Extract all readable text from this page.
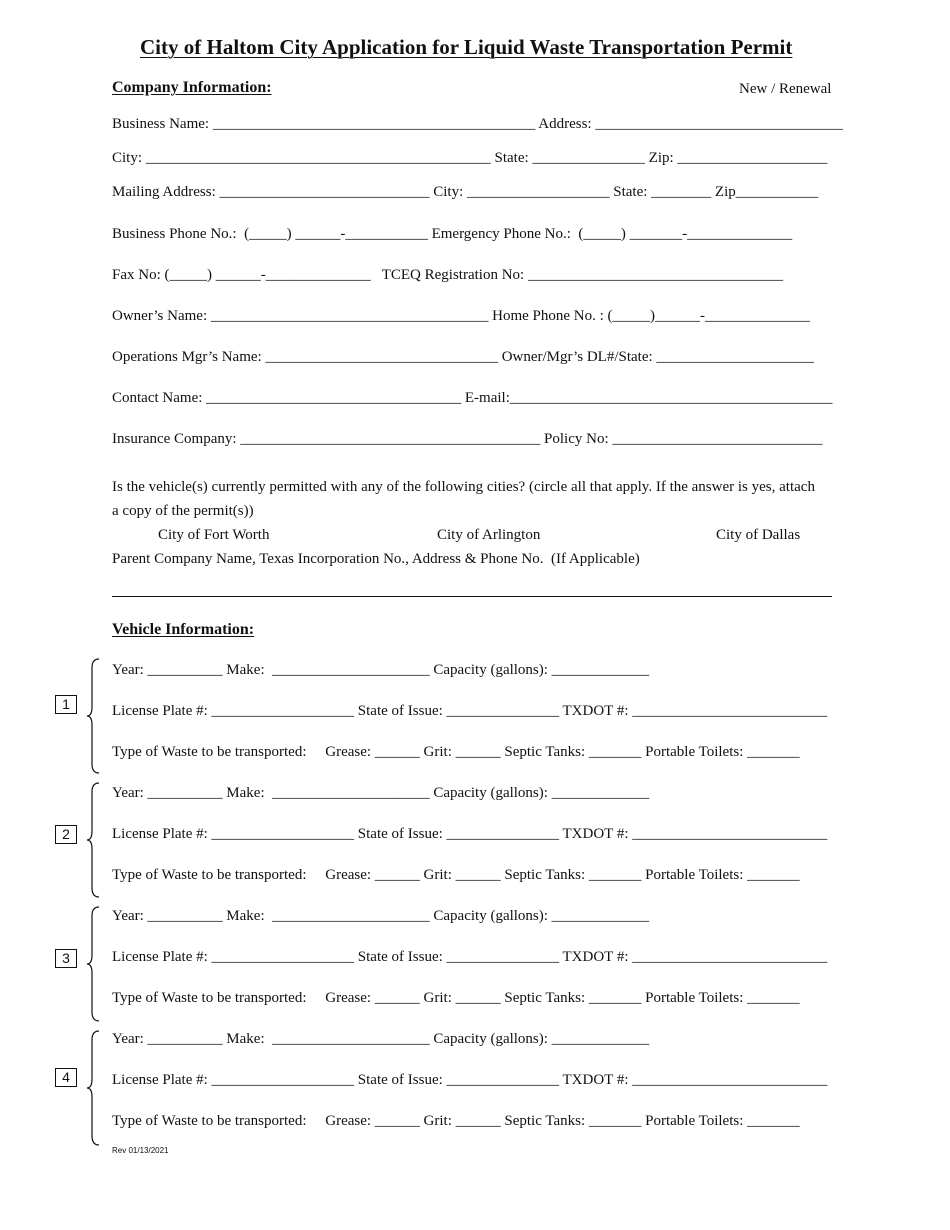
City of Haltom City Application for Liquid Waste Transportation Permit
Company Information:	New / Renewal
Business Name: ___________________________________________ Address: _________________________________
City: ______________________________________________ State: _______________ Zip: ____________________
Mailing Address: ____________________________ City: ___________________ State: ________ Zip___________
Business Phone No.:  (_____) ______-___________ Emergency Phone No.:  (_____) _______-______________
Fax No: (_____) ______-______________   TCEQ Registration No: __________________________________
Owner’s Name: _____________________________________ Home Phone No. : (_____)______-______________
Operations Mgr’s Name: _______________________________ Owner/Mgr’s DL#/State: _____________________
Contact Name: __________________________________ E-mail:___________________________________________
Insurance Company: ________________________________________ Policy No: ____________________________
Is the vehicle(s) currently permitted with any of the following cities? (circle all that apply. If the answer is yes, attach
a copy of the permit(s))
City of Fort Worth	City of Arlington	City of Dallas
Parent Company Name, Texas Incorporation No., Address & Phone No.  (If Applicable)
Vehicle Information:
1
Year: __________ Make:  _____________________ Capacity (gallons): _____________
License Plate #: ___________________ State of Issue: _______________ TXDOT #: __________________________
Type of Waste to be transported:     Grease: ______ Grit: ______ Septic Tanks: _______ Portable Toilets: _______
2
Year: __________ Make:  _____________________ Capacity (gallons): _____________
License Plate #: ___________________ State of Issue: _______________ TXDOT #: __________________________
Type of Waste to be transported:     Grease: ______ Grit: ______ Septic Tanks: _______ Portable Toilets: _______
3
Year: __________ Make:  _____________________ Capacity (gallons): _____________
License Plate #: ___________________ State of Issue: _______________ TXDOT #: __________________________
Type of Waste to be transported:     Grease: ______ Grit: ______ Septic Tanks: _______ Portable Toilets: _______
4
Year: __________ Make:  _____________________ Capacity (gallons): _____________
License Plate #: ___________________ State of Issue: _______________ TXDOT #: __________________________
Type of Waste to be transported:     Grease: ______ Grit: ______ Septic Tanks: _______ Portable Toilets: _______
Rev 01/13/2021
